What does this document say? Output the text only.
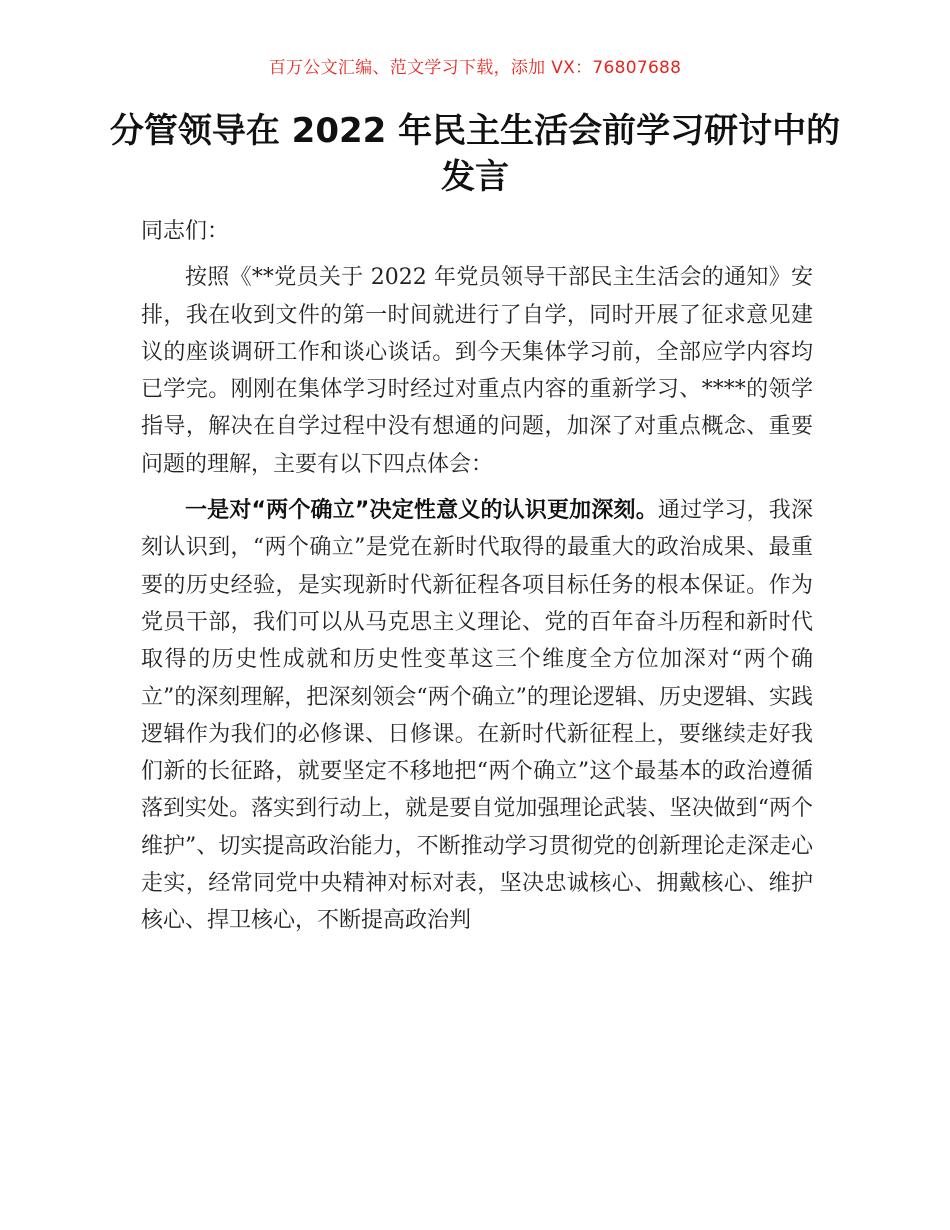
百万公文汇编、范文学习下载，添加 VX：76807688
分管领导在 2022 年民主生活会前学习研讨中的发言

同志们：

按照《**党员关于 2022 年党员领导干部民主生活会的通知》安排，我在收到文件的第一时间就进行了自学，同时开展了征求意见建议的座谈调研工作和谈心谈话。到今天集体学习前，全部应学内容均已学完。刚刚在集体学习时经过对重点内容的重新学习、****的领学指导，解决在自学过程中没有想通的问题，加深了对重点概念、重要问题的理解，主要有以下四点体会：

一是对“两个确立”决定性意义的认识更加深刻。通过学习，我深刻认识到，“两个确立”是党在新时代取得的最重大的政治成果、最重要的历史经验，是实现新时代新征程各项目标任务的根本保证。作为党员干部，我们可以从马克思主义理论、党的百年奋斗历程和新时代取得的历史性成就和历史性变革这三个维度全方位加深对“两个确立”的深刻理解，把深刻领会“两个确立”的理论逻辑、历史逻辑、实践逻辑作为我们的必修课、日修课。在新时代新征程上，要继续走好我们新的长征路，就要坚定不移地把“两个确立”这个最基本的政治遵循落到实处。落实到行动上，就是要自觉加强理论武装、坚决做到“两个维护”、切实提高政治能力，不断推动学习贯彻党的创新理论走深走心走实，经常同党中央精神对标对表，坚决忠诚核心、拥戴核心、维护核心、捍卫核心，不断提高政治判
